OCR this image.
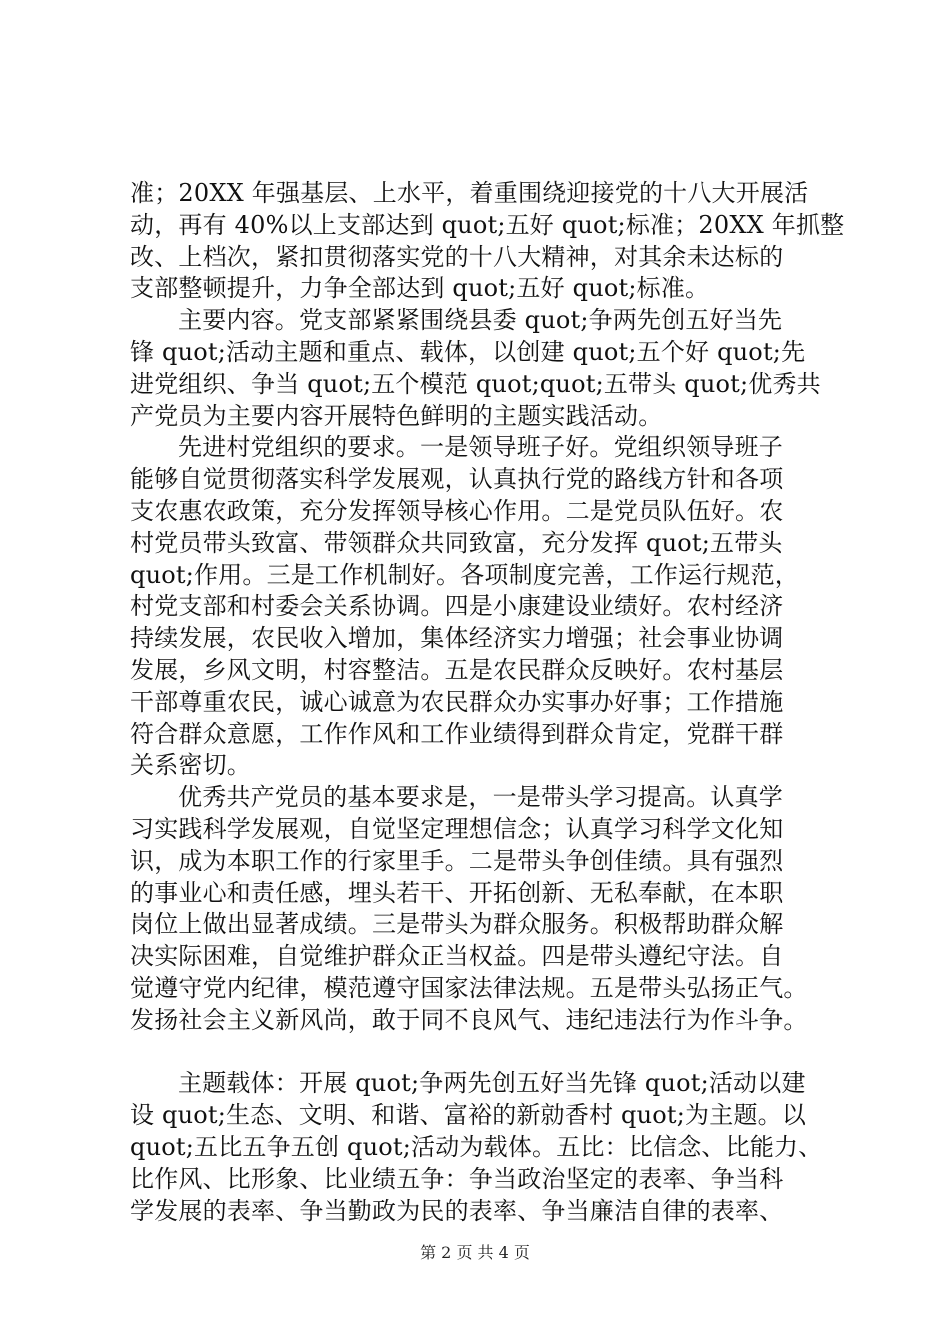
准；20XX 年强基层、上水平，着重围绕迎接党的十八大开展活
动，再有 40%以上支部达到 quot;五好 quot;标准；20XX 年抓整
改、上档次，紧扣贯彻落实党的十八大精神，对其余未达标的
支部整顿提升，力争全部达到 quot;五好 quot;标准。
主要内容。党支部紧紧围绕县委 quot;争两先创五好当先
锋 quot;活动主题和重点、载体，以创建 quot;五个好 quot;先
进党组织、争当 quot;五个模范 quot;quot;五带头 quot;优秀共
产党员为主要内容开展特色鲜明的主题实践活动。
先进村党组织的要求。一是领导班子好。党组织领导班子
能够自觉贯彻落实科学发展观，认真执行党的路线方针和各项
支农惠农政策，充分发挥领导核心作用。二是党员队伍好。农
村党员带头致富、带领群众共同致富，充分发挥 quot;五带头
quot;作用。三是工作机制好。各项制度完善，工作运行规范，
村党支部和村委会关系协调。四是小康建设业绩好。农村经济
持续发展，农民收入增加，集体经济实力增强；社会事业协调
发展，乡风文明，村容整洁。五是农民群众反映好。农村基层
干部尊重农民，诚心诚意为农民群众办实事办好事；工作措施
符合群众意愿，工作作风和工作业绩得到群众肯定，党群干群
关系密切。
优秀共产党员的基本要求是，一是带头学习提高。认真学
习实践科学发展观，自觉坚定理想信念；认真学习科学文化知
识，成为本职工作的行家里手。二是带头争创佳绩。具有强烈
的事业心和责任感，埋头若干、开拓创新、无私奉献，在本职
岗位上做出显著成绩。三是带头为群众服务。积极帮助群众解
决实际困难，自觉维护群众正当权益。四是带头遵纪守法。自
觉遵守党内纪律，模范遵守国家法律法规。五是带头弘扬正气。
发扬社会主义新风尚，敢于同不良风气、违纪违法行为作斗争。
主题载体：开展 quot;争两先创五好当先锋 quot;活动以建
设 quot;生态、文明、和谐、富裕的新勍香村 quot;为主题。以
quot;五比五争五创 quot;活动为载体。五比：比信念、比能力、
比作风、比形象、比业绩五争：争当政治坚定的表率、争当科
学发展的表率、争当勤政为民的表率、争当廉洁自律的表率、
第 2 页 共 4 页
